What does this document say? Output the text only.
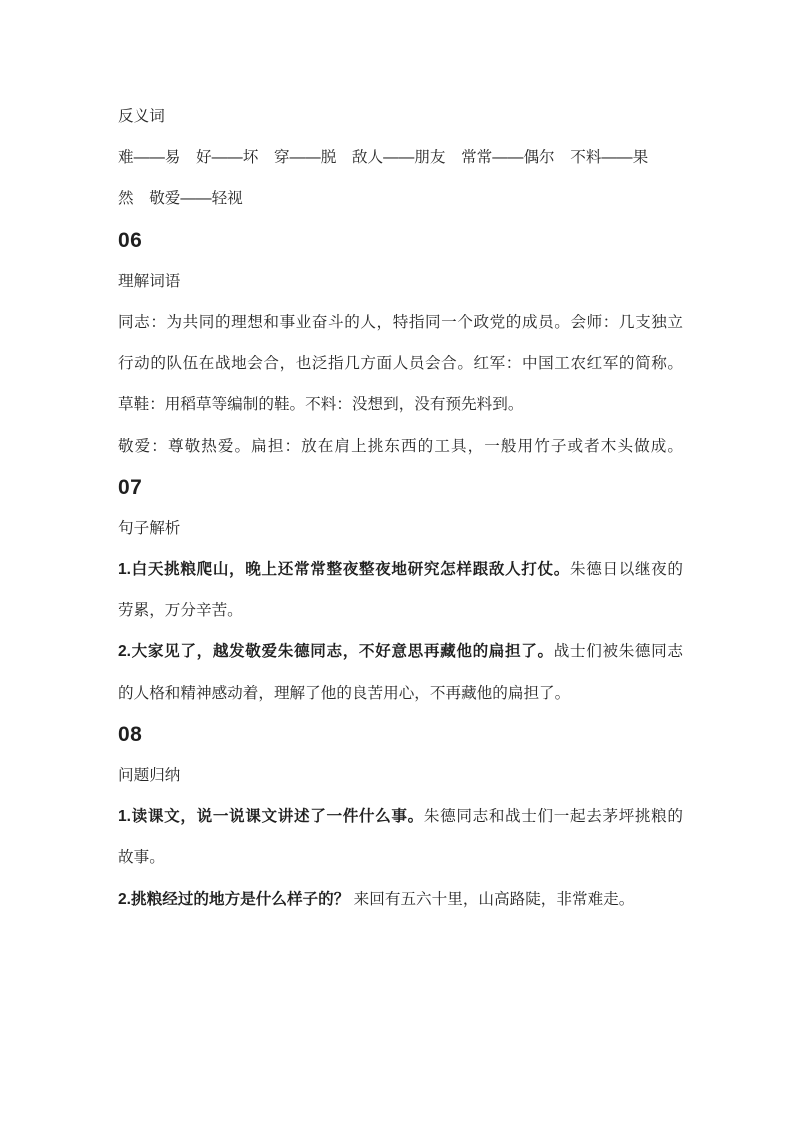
反义词
难——易　好——坏　穿——脱　敌人——朋友　常常——偶尔　不料——果
然　敬爱——轻视
06
理解词语
同志：为共同的理想和事业奋斗的人，特指同一个政党的成员。会师：几支独立
行动的队伍在战地会合，也泛指几方面人员会合。红军：中国工农红军的简称。
草鞋：用稻草等编制的鞋。不料：没想到，没有预先料到。
敬爱：尊敬热爱。扁担：放在肩上挑东西的工具，一般用竹子或者木头做成。
07
句子解析
1.白天挑粮爬山，晚上还常常整夜整夜地研究怎样跟敌人打仗。朱德日以继夜的
劳累，万分辛苦。
2.大家见了，越发敬爱朱德同志，不好意思再藏他的扁担了。战士们被朱德同志
的人格和精神感动着，理解了他的良苦用心，不再藏他的扁担了。
08
问题归纳
1.读课文，说一说课文讲述了一件什么事。朱德同志和战士们一起去茅坪挑粮的
故事。
2.挑粮经过的地方是什么样子的？ 来回有五六十里，山高路陡，非常难走。
